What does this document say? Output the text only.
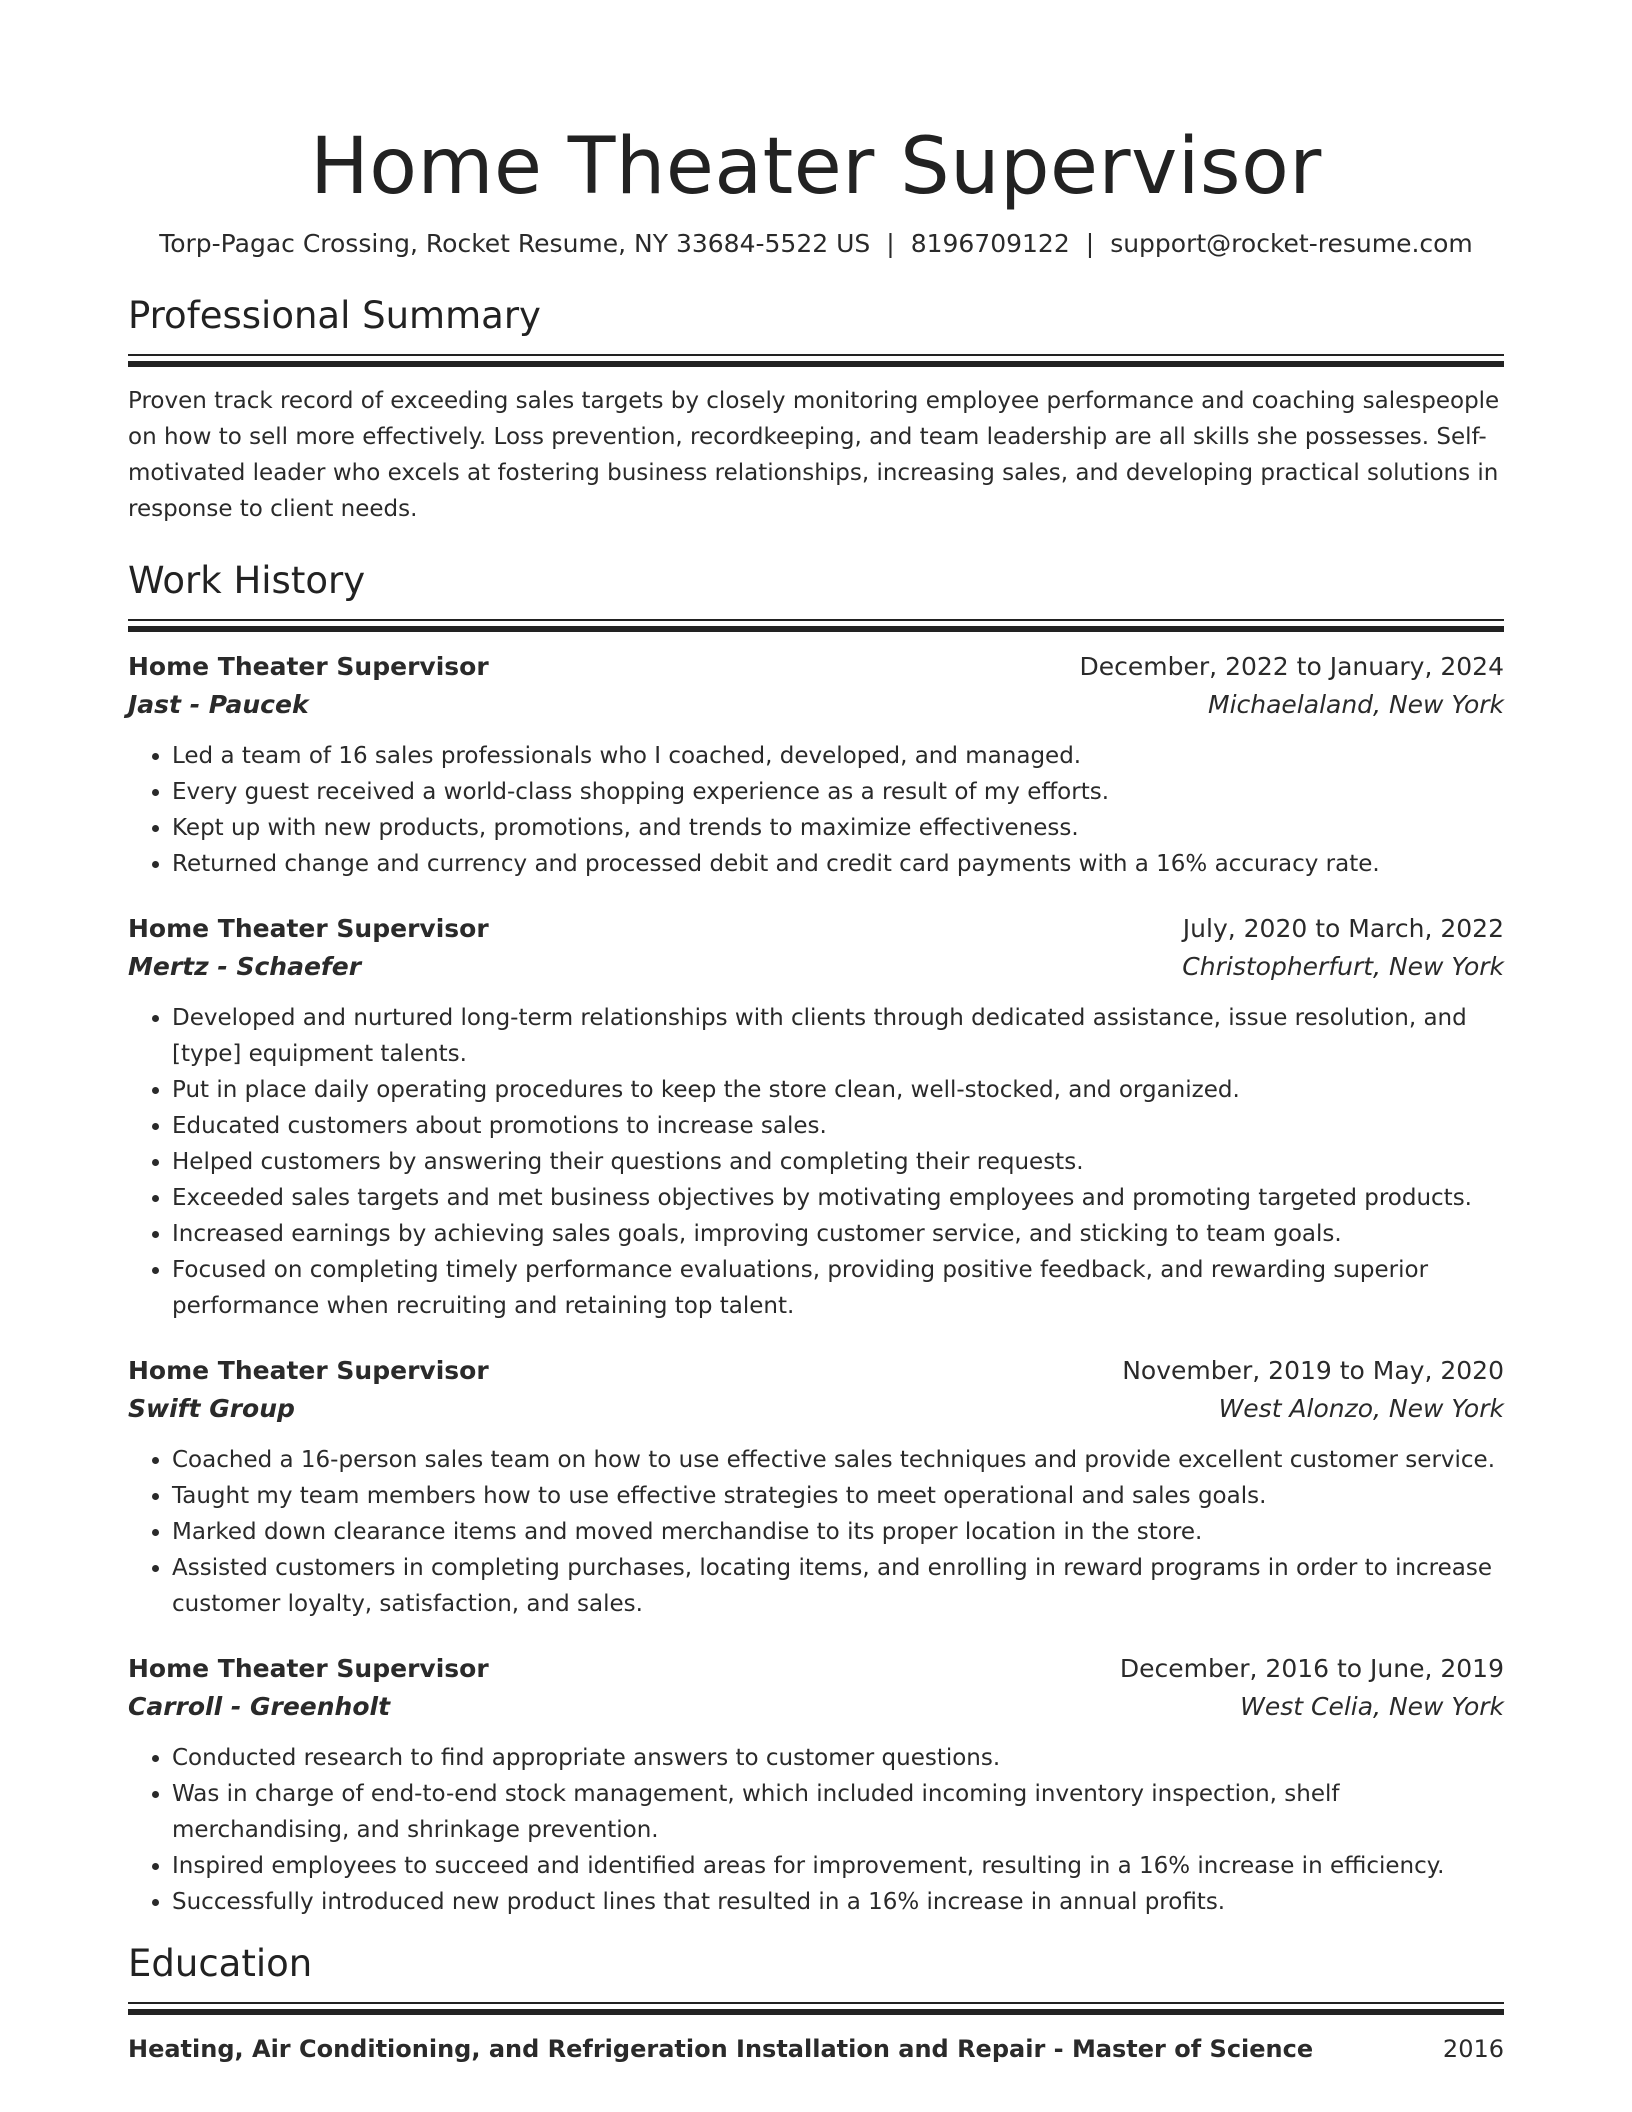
Home Theater Supervisor
Torp-Pagac Crossing, Rocket Resume, NY 33684-5522 US | 8196709122 | support@rocket-resume.com
Professional Summary

Proven track record of exceeding sales targets by closely monitoring employee performance and coaching salespeople on how to sell more effectively. Loss prevention, recordkeeping, and team leadership are all skills she possesses. Self-motivated leader who excels at fostering business relationships, increasing sales, and developing practical solutions in response to client needs.

Work History
Home Theater Supervisor	December, 2022 to January, 2024
Jast - Paucek	Michaelaland, New York
• Led a team of 16 sales professionals who I coached, developed, and managed.
• Every guest received a world-class shopping experience as a result of my efforts.
• Kept up with new products, promotions, and trends to maximize effectiveness.
• Returned change and currency and processed debit and credit card payments with a 16% accuracy rate.
Home Theater Supervisor	July, 2020 to March, 2022
Mertz - Schaefer	Christopherfurt, New York
• Developed and nurtured long-term relationships with clients through dedicated assistance, issue resolution, and [type] equipment talents.
• Put in place daily operating procedures to keep the store clean, well-stocked, and organized.
• Educated customers about promotions to increase sales.
• Helped customers by answering their questions and completing their requests.
• Exceeded sales targets and met business objectives by motivating employees and promoting targeted products.
• Increased earnings by achieving sales goals, improving customer service, and sticking to team goals.
• Focused on completing timely performance evaluations, providing positive feedback, and rewarding superior performance when recruiting and retaining top talent.
Home Theater Supervisor	November, 2019 to May, 2020
Swift Group	West Alonzo, New York
• Coached a 16-person sales team on how to use effective sales techniques and provide excellent customer service.
• Taught my team members how to use effective strategies to meet operational and sales goals.
• Marked down clearance items and moved merchandise to its proper location in the store.
• Assisted customers in completing purchases, locating items, and enrolling in reward programs in order to increase customer loyalty, satisfaction, and sales.
Home Theater Supervisor	December, 2016 to June, 2019
Carroll - Greenholt	West Celia, New York
• Conducted research to find appropriate answers to customer questions.
• Was in charge of end-to-end stock management, which included incoming inventory inspection, shelf merchandising, and shrinkage prevention.
• Inspired employees to succeed and identified areas for improvement, resulting in a 16% increase in efficiency.
• Successfully introduced new product lines that resulted in a 16% increase in annual profits.
Education
Heating, Air Conditioning, and Refrigeration Installation and Repair - Master of Science	2016
